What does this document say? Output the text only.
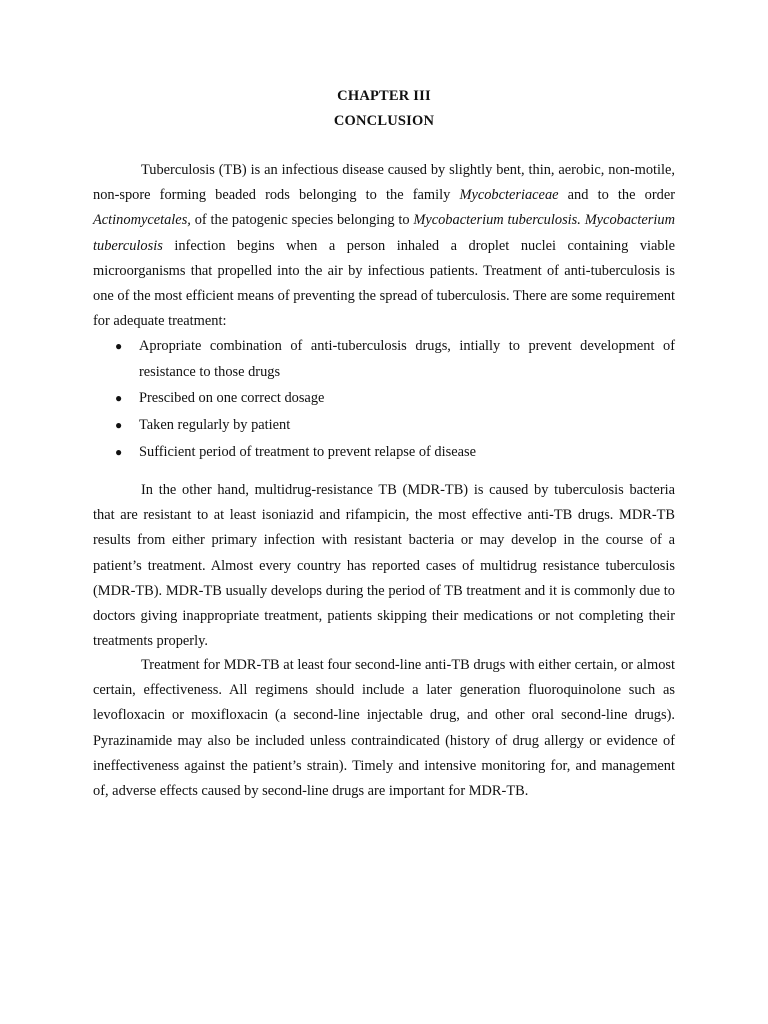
CHAPTER III
CONCLUSION

Tuberculosis (TB) is an infectious disease caused by slightly bent, thin, aerobic, non-motile, non-spore forming beaded rods belonging to the family Mycobcteriaceae and to the order Actinomycetales, of the patogenic species belonging to Mycobacterium tuberculosis. Mycobacterium tuberculosis infection begins when a person inhaled a droplet nuclei containing viable microorganisms that propelled into the air by infectious patients. Treatment of anti-tuberculosis is one of the most efficient means of preventing the spread of tuberculosis. There are some requirement for adequate treatment:

● Apropriate combination of anti-tuberculosis drugs, intially to prevent development of resistance to those drugs
● Prescibed on one correct dosage
● Taken regularly by patient
● Sufficient period of treatment to prevent relapse of disease

In the other hand, multidrug-resistance TB (MDR-TB) is caused by tuberculosis bacteria that are resistant to at least isoniazid and rifampicin, the most effective anti-TB drugs. MDR-TB results from either primary infection with resistant bacteria or may develop in the course of a patient’s treatment. Almost every country has reported cases of multidrug resistance tuberculosis (MDR-TB). MDR-TB usually develops during the period of TB treatment and it is commonly due to doctors giving inappropriate treatment, patients skipping their medications or not completing their treatments properly.

Treatment for MDR-TB at least four second-line anti-TB drugs with either certain, or almost certain, effectiveness. All regimens should include a later generation fluoroquinolone such as levofloxacin or moxifloxacin (a second-line injectable drug, and other oral second-line drugs). Pyrazinamide may also be included unless contraindicated (history of drug allergy or evidence of ineffectiveness against the patient’s strain). Timely and intensive monitoring for, and management of, adverse effects caused by second-line drugs are important for MDR-TB.
